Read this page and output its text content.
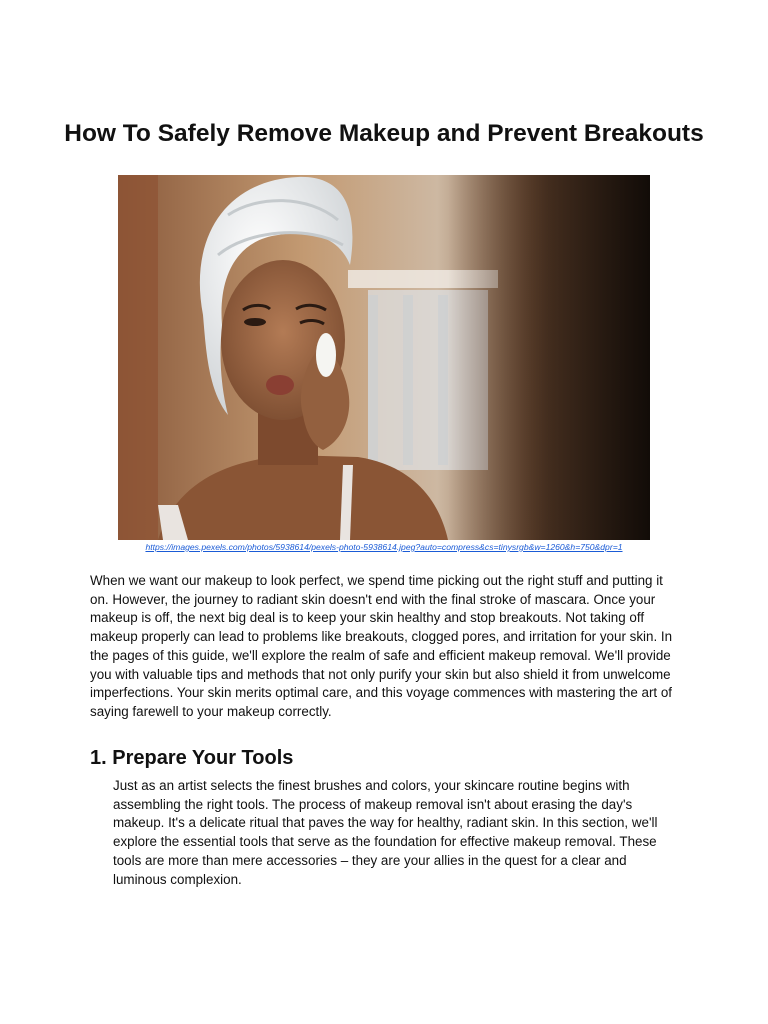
How To Safely Remove Makeup and Prevent Breakouts
https://images.pexels.com/photos/5938614/pexels-photo-5938614.jpeg?auto=compress&cs=tinysrgb&w=1260&h=750&dpr=1

When we want our makeup to look perfect, we spend time picking out the right stuff and putting it on. However, the journey to radiant skin doesn't end with the final stroke of mascara. Once your makeup is off, the next big deal is to keep your skin healthy and stop breakouts. Not taking off makeup properly can lead to problems like breakouts, clogged pores, and irritation for your skin. In the pages of this guide, we'll explore the realm of safe and efficient makeup removal. We'll provide you with valuable tips and methods that not only purify your skin but also shield it from unwelcome imperfections. Your skin merits optimal care, and this voyage commences with mastering the art of saying farewell to your makeup correctly.

1. Prepare Your Tools

Just as an artist selects the finest brushes and colors, your skincare routine begins with assembling the right tools. The process of makeup removal isn't about erasing the day's makeup. It's a delicate ritual that paves the way for healthy, radiant skin. In this section, we'll explore the essential tools that serve as the foundation for effective makeup removal. These tools are more than mere accessories – they are your allies in the quest for a clear and luminous complexion.
